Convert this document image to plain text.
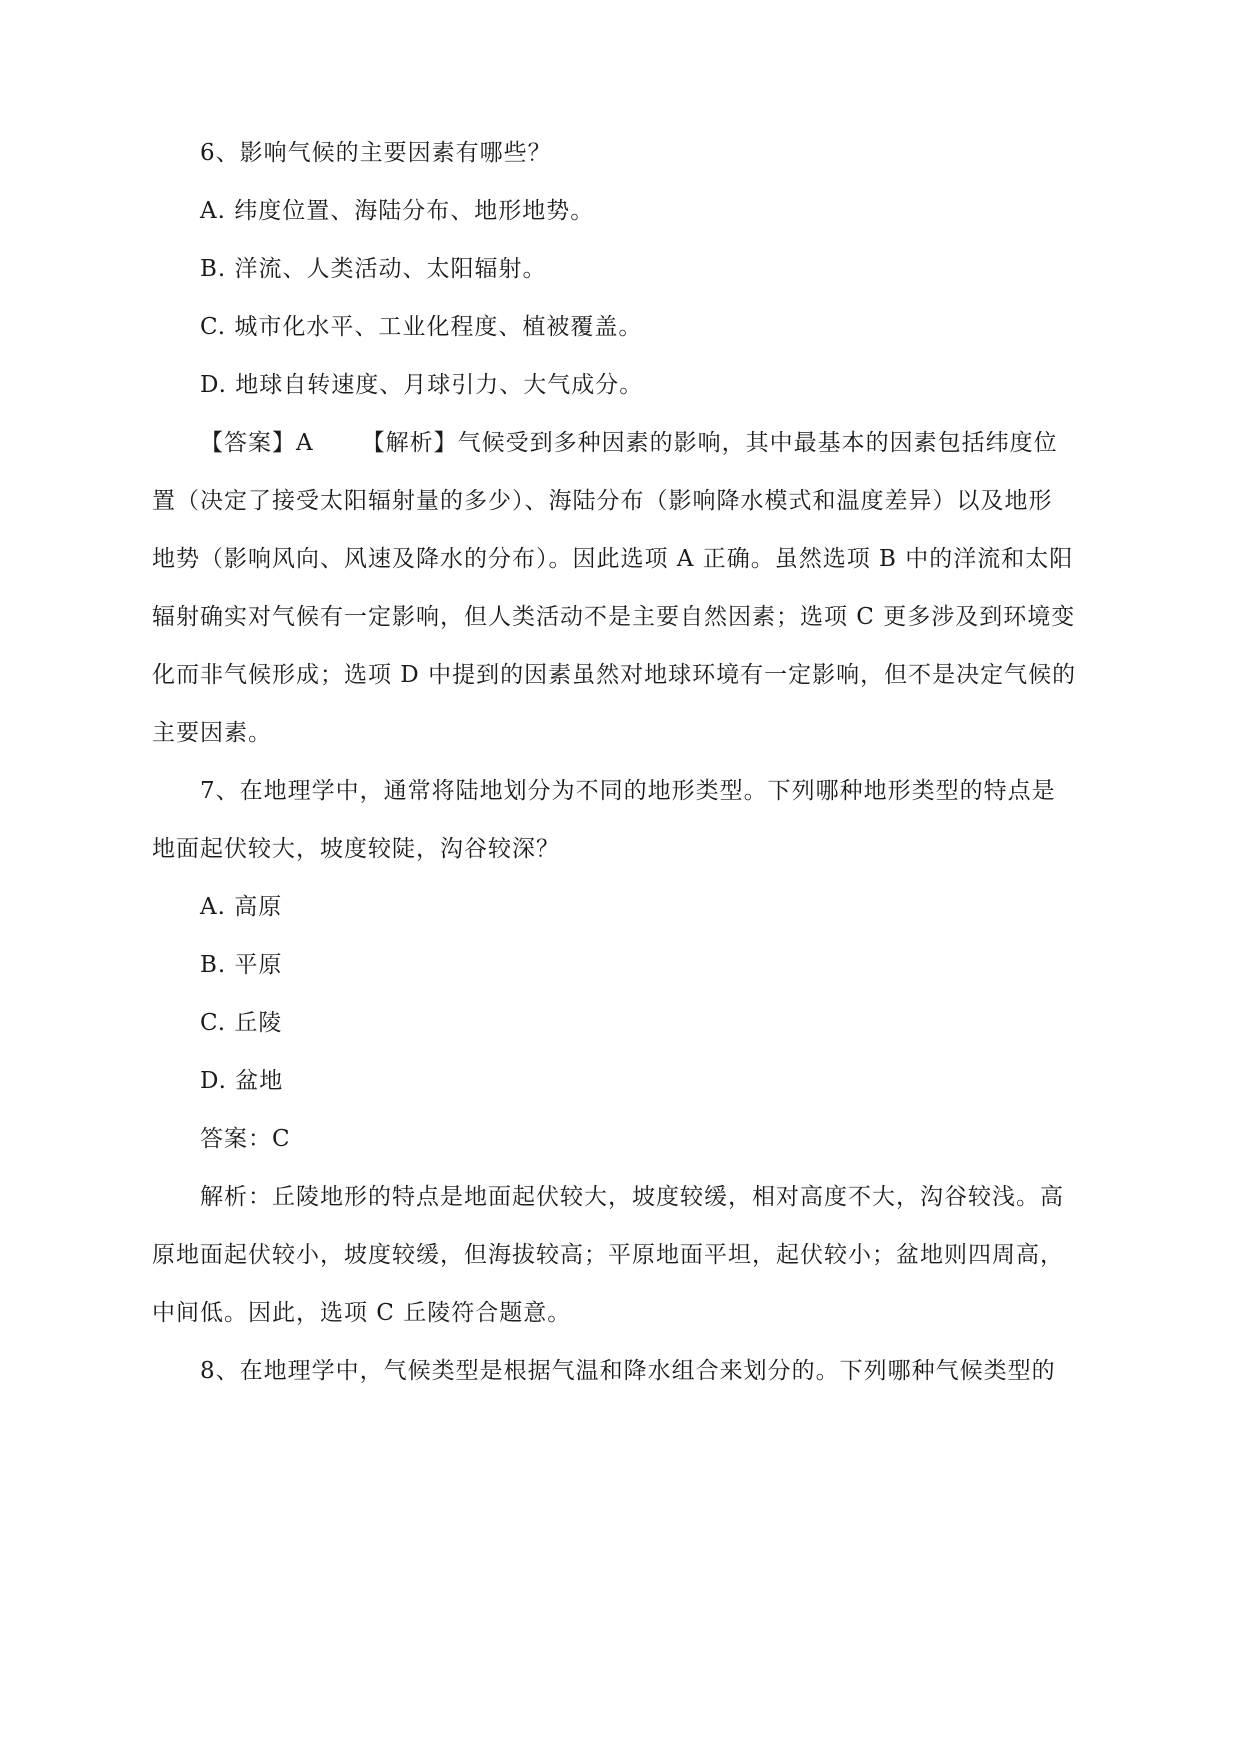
6、影响气候的主要因素有哪些？

A. 纬度位置、海陆分布、地形地势。

B. 洋流、人类活动、太阳辐射。

C. 城市化水平、工业化程度、植被覆盖。

D. 地球自转速度、月球引力、大气成分。

【答案】A 【解析】气候受到多种因素的影响，其中最基本的因素包括纬度位

置（决定了接受太阳辐射量的多少）、海陆分布（影响降水模式和温度差异）以及地形

地势（影响风向、风速及降水的分布）。因此选项 A 正确。虽然选项 B 中的洋流和太阳

辐射确实对气候有一定影响，但人类活动不是主要自然因素；选项 C 更多涉及到环境变

化而非气候形成；选项 D 中提到的因素虽然对地球环境有一定影响，但不是决定气候的

主要因素。

7、在地理学中，通常将陆地划分为不同的地形类型。下列哪种地形类型的特点是

地面起伏较大，坡度较陡，沟谷较深？

A. 高原

B. 平原

C. 丘陵

D. 盆地

答案：C

解析：丘陵地形的特点是地面起伏较大，坡度较缓，相对高度不大，沟谷较浅。高

原地面起伏较小，坡度较缓，但海拔较高；平原地面平坦，起伏较小；盆地则四周高，

中间低。因此，选项 C 丘陵符合题意。

8、在地理学中，气候类型是根据气温和降水组合来划分的。下列哪种气候类型的
